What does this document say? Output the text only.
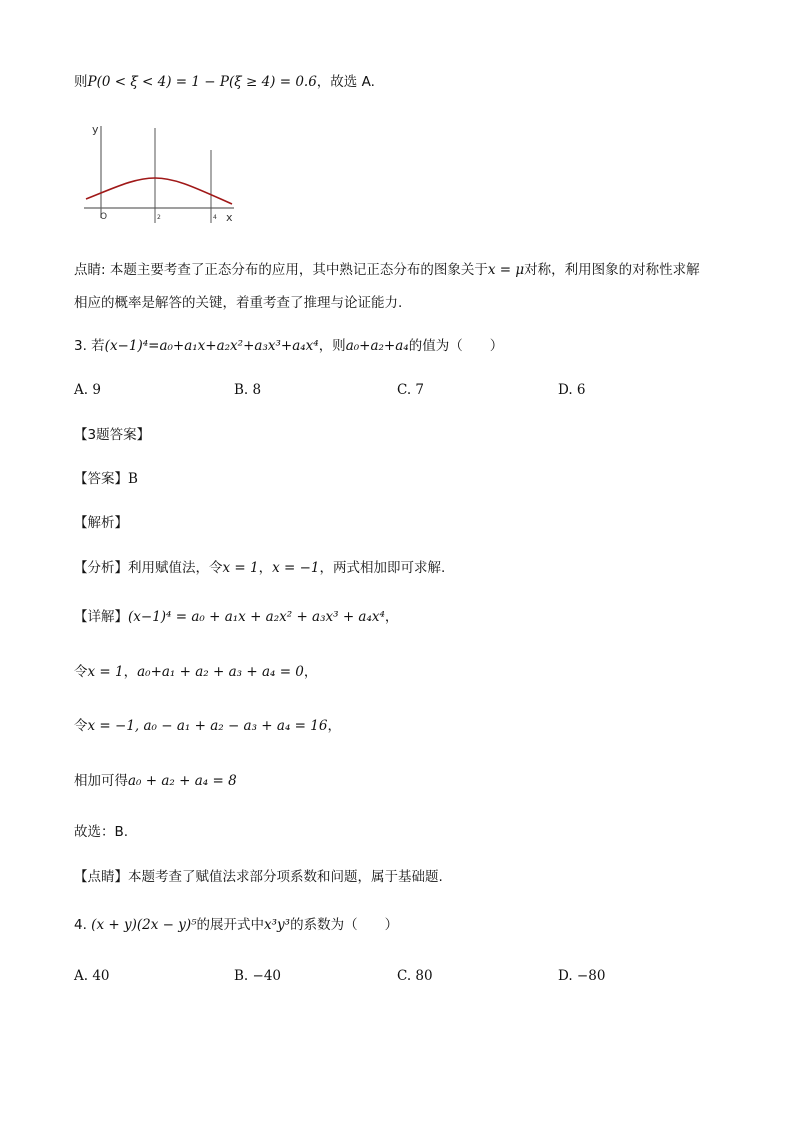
则P(0 < ξ < 4) = 1 − P(ξ ≥ 4) = 0.6，故选 A.
y
x
O	2	4
点睛: 本题主要考查了正态分布的应用，其中熟记正态分布的图象关于x = μ对称，利用图象的对称性求解
相应的概率是解答的关键，着重考查了推理与论证能力.
3. 若(x−1)⁴=a₀+a₁x+a₂x²+a₃x³+a₄x⁴，则a₀+a₂+a₄的值为（　　）
A. 9	B. 8	C. 7	D. 6
【3题答案】
【答案】B
【解析】
【分析】利用赋值法，令x = 1，x = −1，两式相加即可求解.
【详解】(x−1)⁴ = a₀ + a₁x + a₂x² + a₃x³ + a₄x⁴，
令x = 1，a₀+a₁ + a₂ + a₃ + a₄ = 0，
令x = −1, a₀ − a₁ + a₂ − a₃ + a₄ = 16，
相加可得a₀ + a₂ + a₄ = 8
故选：B.
【点睛】本题考查了赋值法求部分项系数和问题，属于基础题.
4. (x + y)(2x − y)⁵的展开式中x³y³的系数为（　　）
A. 40	B. −40	C. 80	D. −80
